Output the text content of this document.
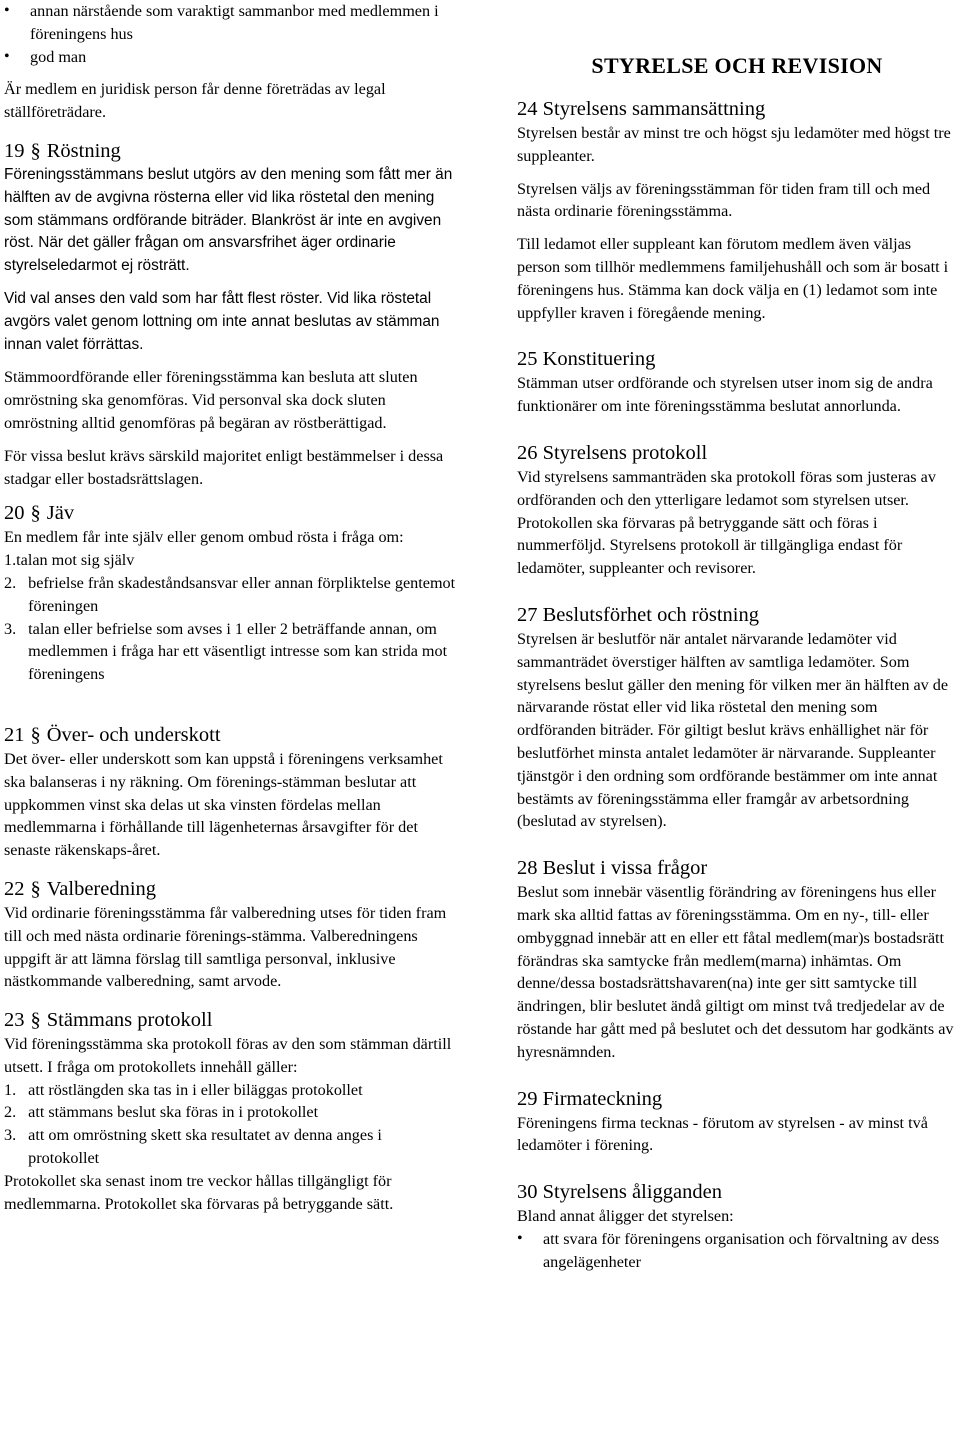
• annan närstående som varaktigt sammanbor med medlemmen i föreningens hus
• god man

Är medlem en juridisk person får denne företrädas av legal ställföreträdare.

19 § Röstning

Föreningsstämmans beslut utgörs av den mening som fått mer än hälften av de avgivna rösterna eller vid lika röstetal den mening som stämmans ordförande biträder. Blankröst är inte en avgiven röst. När det gäller frågan om ansvarsfrihet äger ordinarie styrelseledarmot ej rösträtt.

Vid val anses den vald som har fått flest röster. Vid lika röstetal avgörs valet genom lottning om inte annat beslutas av stämman innan valet förrättas.

Stämmoordförande eller föreningsstämma kan besluta att sluten omröstning ska genomföras. Vid personval ska dock sluten omröstning alltid genomföras på begäran av röstberättigad.

För vissa beslut krävs särskild majoritet enligt bestämmelser i dessa stadgar eller bostadsrättslagen.

20 § Jäv

En medlem får inte själv eller genom ombud rösta i fråga om:

1. talan mot sig själv
2. befrielse från skadeståndsansvar eller annan förpliktelse gentemot föreningen
3. talan eller befrielse som avses i 1 eller 2 beträffande annan, om medlemmen i fråga har ett väsentligt intresse som kan strida mot föreningens
21 § Över- och underskott

Det över- eller underskott som kan uppstå i föreningens verksamhet ska balanseras i ny räkning. Om förenings-stämman beslutar att uppkommen vinst ska delas ut ska vinsten fördelas mellan medlemmarna i förhållande till lägenheternas årsavgifter för det senaste räkenskaps-året.

22 § Valberedning

Vid ordinarie föreningsstämma får valberedning utses för tiden fram till och med nästa ordinarie förenings-stämma. Valberedningens uppgift är att lämna förslag till samtliga personval, inklusive nästkommande valberedning, samt arvode.

23 § Stämmans protokoll

Vid föreningsstämma ska protokoll föras av den som stämman därtill utsett. I fråga om protokollets innehåll gäller:

1. att röstlängden ska tas in i eller biläggas protokollet
2. att stämmans beslut ska föras in i protokollet
3. att om omröstning skett ska resultatet av denna anges i protokollet

Protokollet ska senast inom tre veckor hållas tillgängligt för medlemmarna. Protokollet ska förvaras på betryggande sätt.

STYRELSE OCH REVISION
24 Styrelsens sammansättning

Styrelsen består av minst tre och högst sju ledamöter med högst tre suppleanter.

Styrelsen väljs av föreningsstämman för tiden fram till och med nästa ordinarie föreningsstämma.

Till ledamot eller suppleant kan förutom medlem även väljas person som tillhör medlemmens familjehushåll och som är bosatt i föreningens hus. Stämma kan dock välja en (1) ledamot som inte uppfyller kraven i föregående mening.

25 Konstituering

Stämman utser ordförande och styrelsen utser inom sig de andra funktionärer om inte föreningsstämma beslutat annorlunda.

26 Styrelsens protokoll

Vid styrelsens sammanträden ska protokoll föras som justeras av ordföranden och den ytterligare ledamot som styrelsen utser. Protokollen ska förvaras på betryggande sätt och föras i nummerföljd. Styrelsens protokoll är tillgängliga endast för ledamöter, suppleanter och revisorer.

27 Beslutsförhet och röstning

Styrelsen är beslutför när antalet närvarande ledamöter vid sammanträdet överstiger hälften av samtliga ledamöter. Som styrelsens beslut gäller den mening för vilken mer än hälften av de närvarande röstat eller vid lika röstetal den mening som ordföranden biträder. För giltigt beslut krävs enhällighet när för beslutförhet minsta antalet ledamöter är närvarande. Suppleanter tjänstgör i den ordning som ordförande bestämmer om inte annat bestämts av föreningsstämma eller framgår av arbetsordning (beslutad av styrelsen).

28 Beslut i vissa frågor

Beslut som innebär väsentlig förändring av föreningens hus eller mark ska alltid fattas av föreningsstämma. Om en ny-, till- eller ombyggnad innebär att en eller ett fåtal medlem(mar)s bostadsrätt förändras ska samtycke från medlem(marna) inhämtas. Om denne/dessa bostadsrättshavaren(na) inte ger sitt samtycke till ändringen, blir beslutet ändå giltigt om minst två tredjedelar av de röstande har gått med på beslutet och det dessutom har godkänts av hyresnämnden.

29 Firmateckning

Föreningens firma tecknas - förutom av styrelsen - av minst två ledamöter i förening.

30 Styrelsens åligganden

Bland annat åligger det styrelsen:

• att svara för föreningens organisation och förvaltning av dess angelägenheter
